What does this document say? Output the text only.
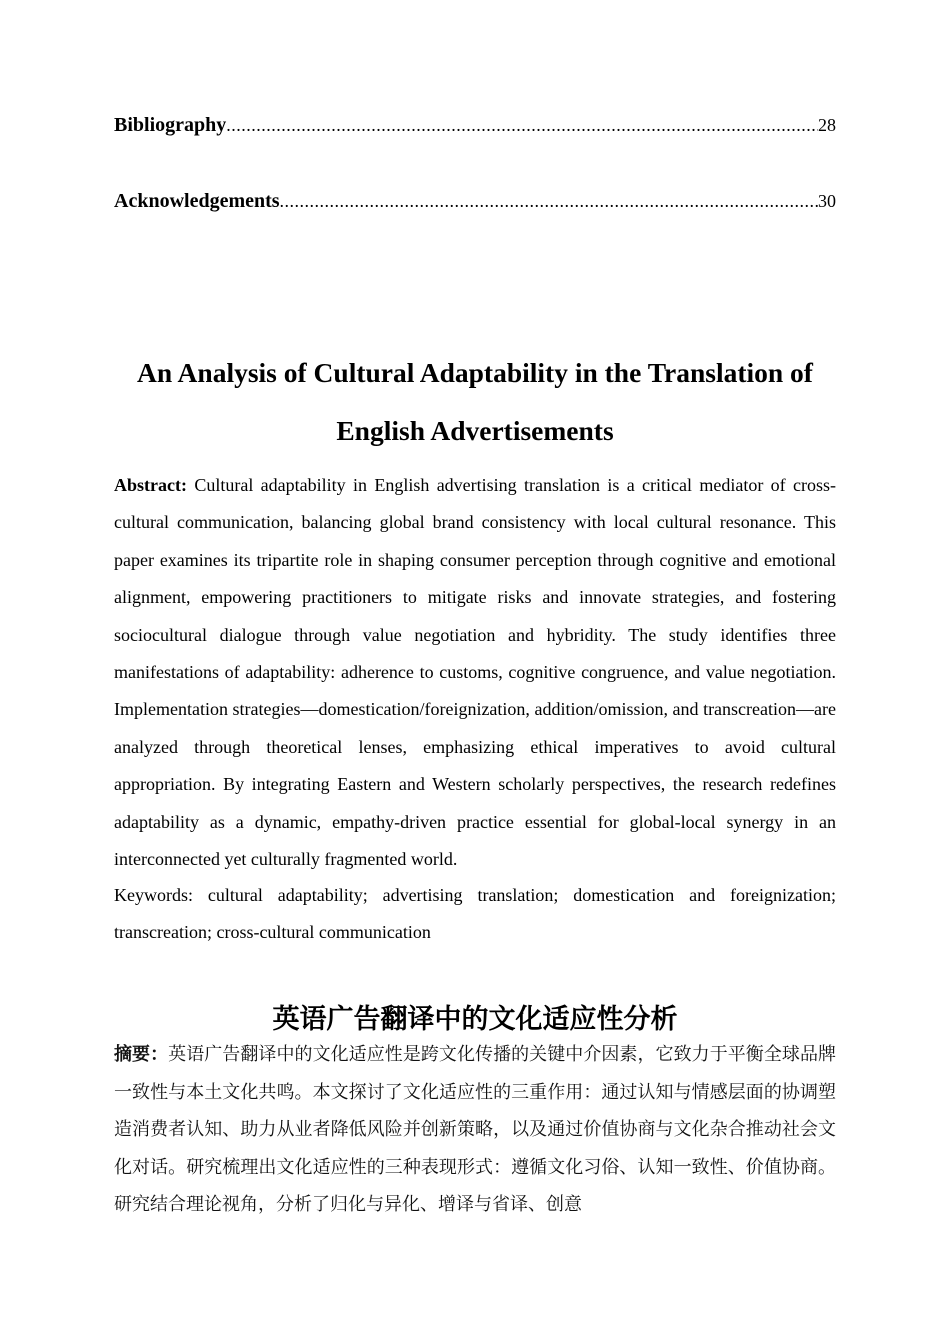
Bibliography .....	28
Acknowledgements .....	30
An Analysis of Cultural Adaptability in the Translation of English Advertisements
Abstract: Cultural adaptability in English advertising translation is a critical mediator of cross-cultural communication, balancing global brand consistency with local cultural resonance. This paper examines its tripartite role in shaping consumer perception through cognitive and emotional alignment, empowering practitioners to mitigate risks and innovate strategies, and fostering sociocultural dialogue through value negotiation and hybridity. The study identifies three manifestations of adaptability: adherence to customs, cognitive congruence, and value negotiation. Implementation strategies—domestication/foreignization, addition/omission, and transcreation—are analyzed through theoretical lenses, emphasizing ethical imperatives to avoid cultural appropriation. By integrating Eastern and Western scholarly perspectives, the research redefines adaptability as a dynamic, empathy-driven practice essential for global-local synergy in an interconnected yet culturally fragmented world.
Keywords: cultural adaptability; advertising translation; domestication and foreignization; transcreation; cross-cultural communication
英语广告翻译中的文化适应性分析
摘要：英语广告翻译中的文化适应性是跨文化传播的关键中介因素，它致力于平衡全球品牌一致性与本土文化共鸣。本文探讨了文化适应性的三重作用：通过认知与情感层面的协调塑造消费者认知、助力从业者降低风险并创新策略，以及通过价值协商与文化杂合推动社会文化对话。研究梳理出文化适应性的三种表现形式：遵循文化习俗、认知一致性、价值协商。研究结合理论视角，分析了归化与异化、增译与省译、创意
